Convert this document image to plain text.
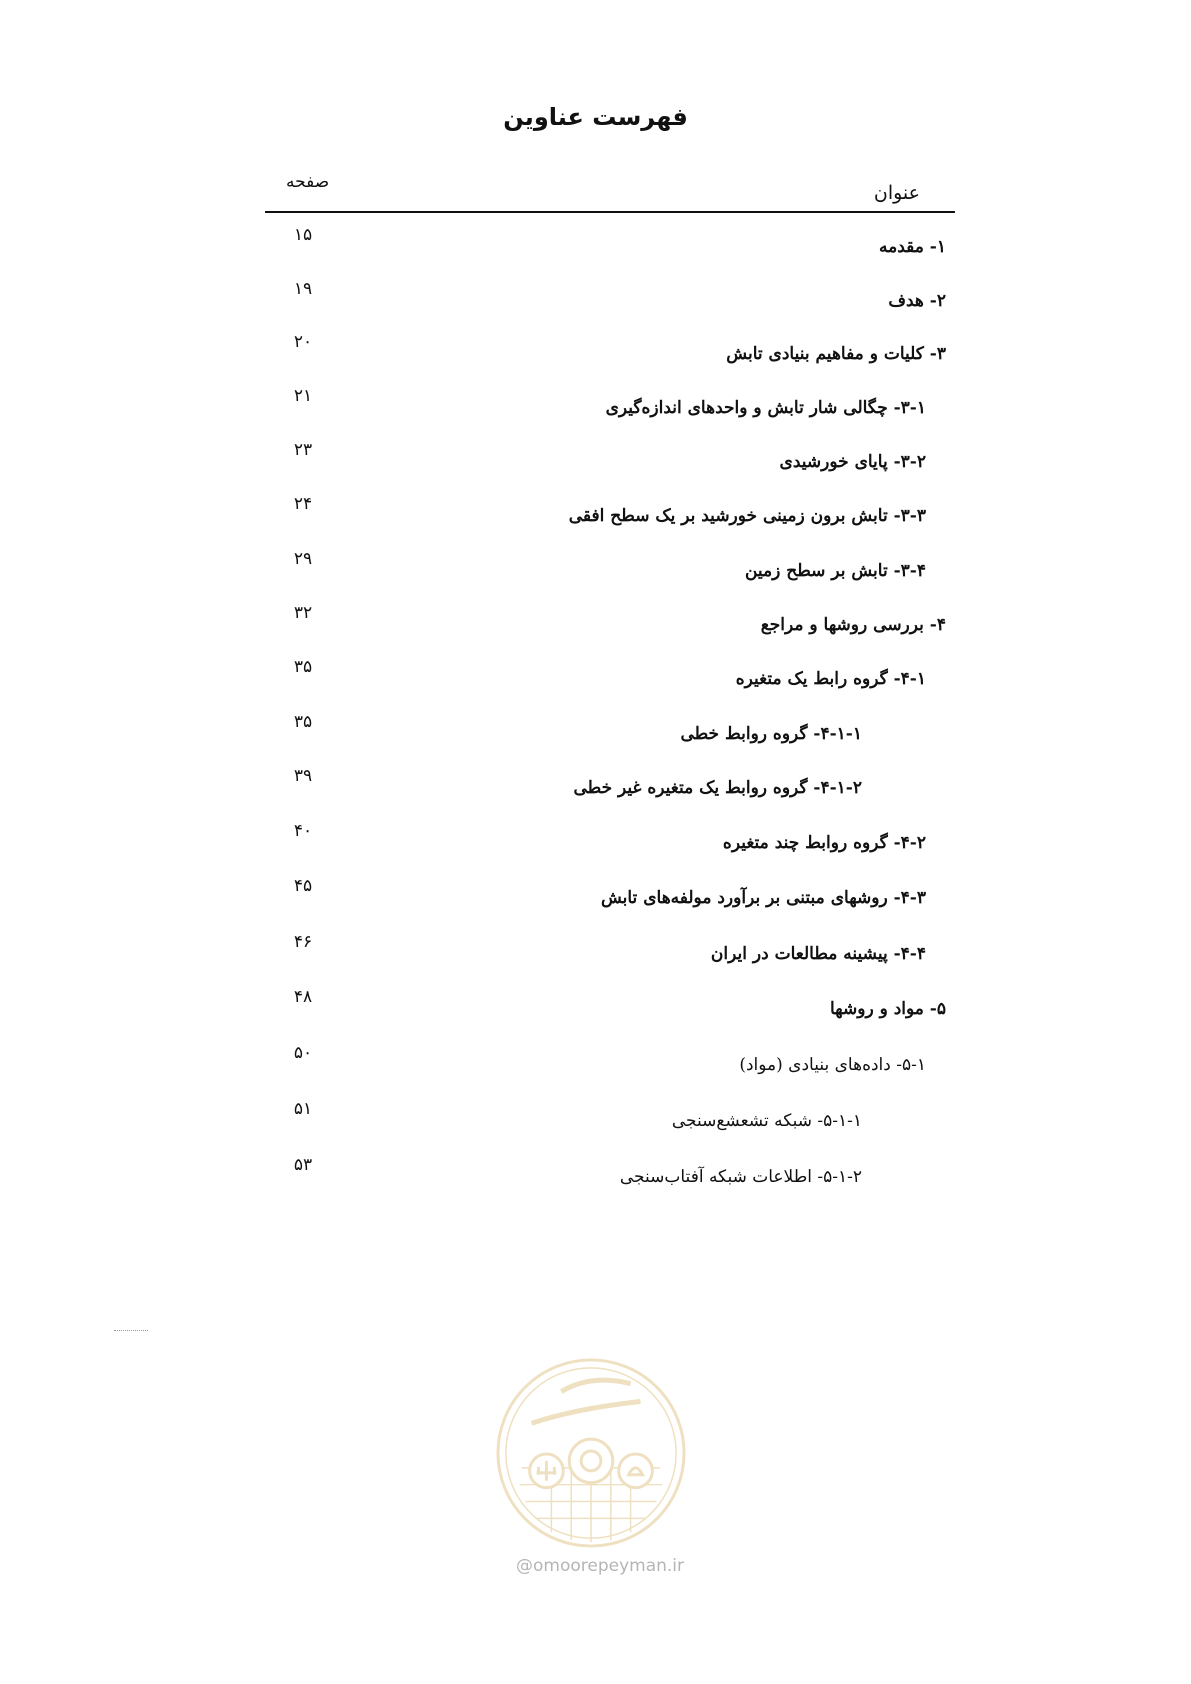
فهرست عناوین
عنوان
صفحه
۱- مقدمه
۱۵
۲- هدف
۱۹
۳- کلیات و مفاهیم بنیادی تابش
۲۰
۳-۱- چگالی شار تابش و واحدهای اندازه‌گیری
۲۱
۳-۲- پایای خورشیدی
۲۳
۳-۳- تابش برون زمینی خورشید بر یک سطح افقی
۲۴
۳-۴- تابش بر سطح زمین
۲۹
۴- بررسی روشها و مراجع
۳۲
۴-۱- گروه رابط یک متغیره
۳۵
۴-۱-۱- گروه روابط خطی
۳۵
۴-۱-۲- گروه روابط یک متغیره غیر خطی
۳۹
۴-۲- گروه روابط چند متغیره
۴۰
۴-۳- روشهای مبتنی بر برآورد مولفه‌های تابش
۴۵
۴-۴- پیشینه مطالعات در ایران
۴۶
۵- مواد و روشها
۴۸
۵-۱- داده‌های بنیادی (مواد)
۵۰
۵-۱-۱- شبکه تشعشع‌سنجی
۵۱
۵-۱-۲- اطلاعات شبکه آفتاب‌سنجی
۵۳
@omoorepeyman.ir
